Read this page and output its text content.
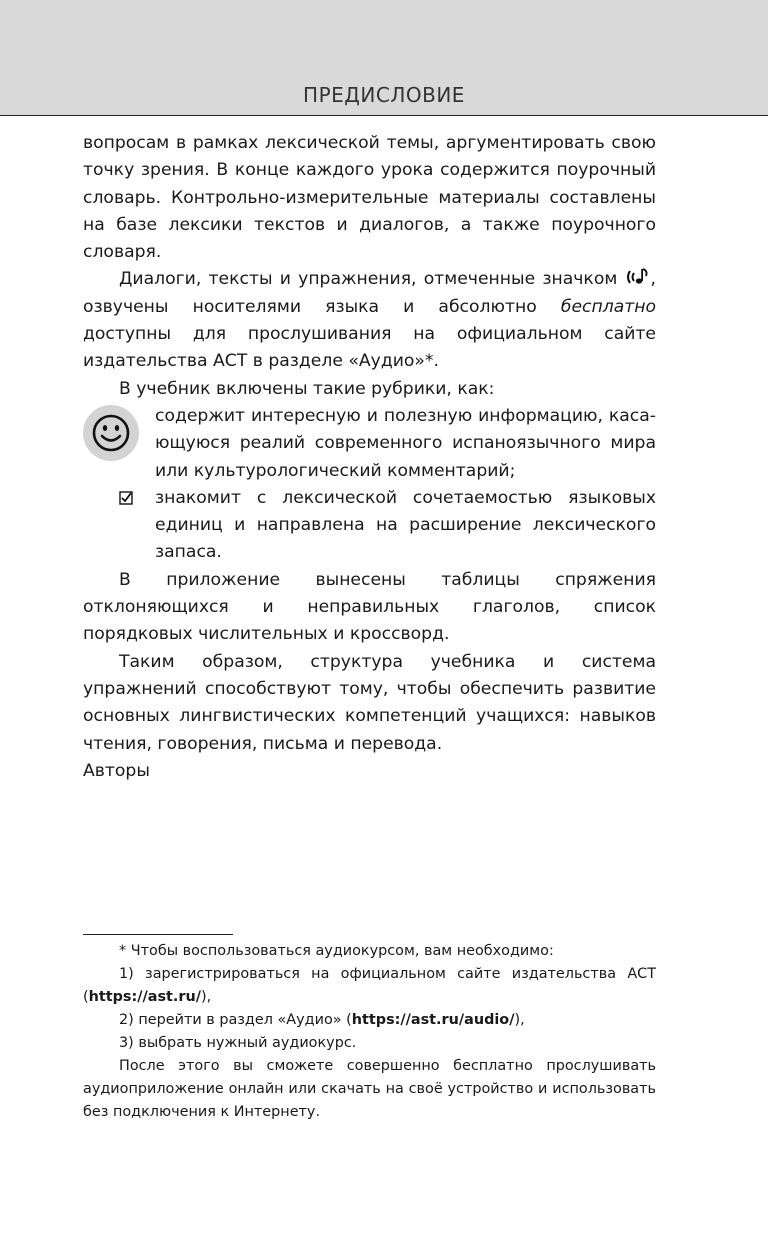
ПРЕДИСЛОВИЕ

вопросам в рамках лексической темы, аргументировать свою точку зрения. В конце каждого урока содержится поурочный словарь. Контрольно-измерительные материалы составлены на базе лексики текстов и диалогов, а также поурочного словаря.

Диалоги, тексты и упражнения, отмеченные значком , озвучены носителями языка и абсолютно бесплатно доступны для прослушивания на официальном сайте издательства АСТ в разделе «Аудио»*.

В учебник включены такие рубрики, как:

содержит интересную и полезную информацию, касающуюся реалий современного испаноязычного мира или культурологический комментарий;

знакомит с лексической сочетаемостью языковых единиц и направлена на расширение лексического запаса.

В приложение вынесены таблицы спряжения отклоняющихся и неправильных глаголов, список порядковых числительных и кроссворд.

Таким образом, структура учебника и система упражнений способствуют тому, чтобы обеспечить развитие основных лингвистических компетенций учащихся: навыков чтения, говорения, письма и перевода.

Авторы

* Чтобы воспользоваться аудиокурсом, вам необходимо:

1) зарегистрироваться на официальном сайте издательства АСТ (https://ast.ru/),

2) перейти в раздел «Аудио» (https://ast.ru/audio/),

3) выбрать нужный аудиокурс.

После этого вы сможете совершенно бесплатно прослушивать аудиоприложение онлайн или скачать на своё устройство и использовать без подключения к Интернету.
